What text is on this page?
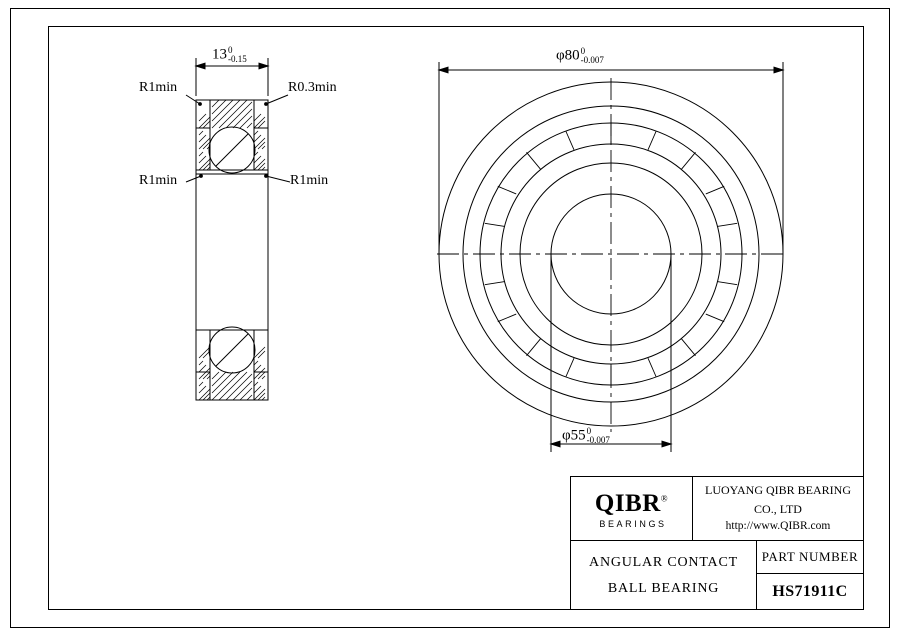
R1min	R0.3min
R1min	R1min
13 0
-0.15	φ80 0
-0.007
φ55 0
-0.007
QIBR®
BEARINGS
LUOYANG QIBR BEARING CO., LTD
http://www.QIBR.com
ANGULAR CONTACT
BALL BEARING
PART NUMBER
HS71911C
